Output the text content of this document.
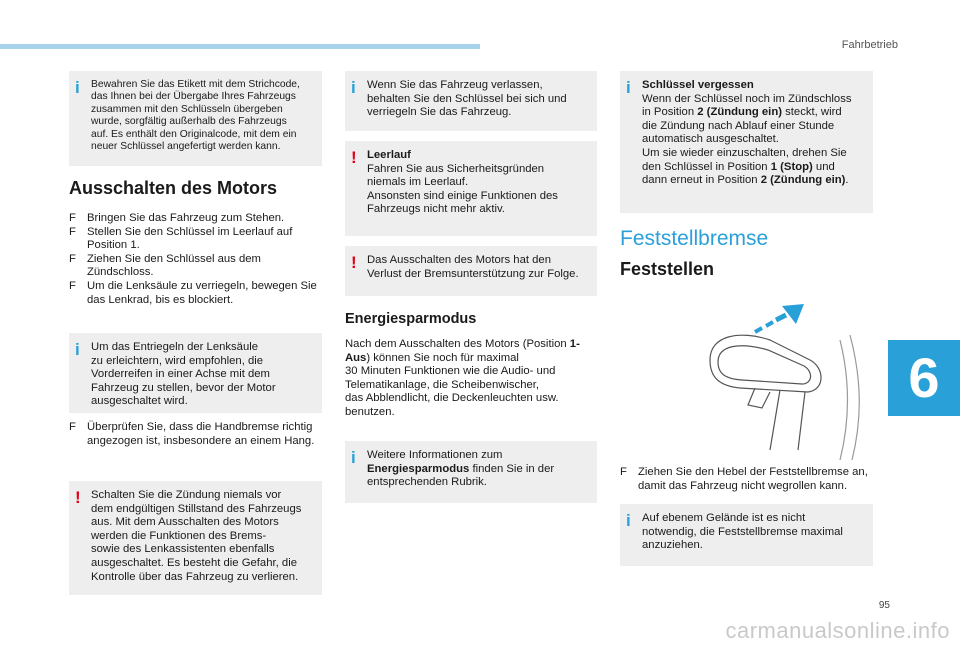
Fahrbetrieb
6
95
carmanualsonline.info
i	Bewahren Sie das Etikett mit dem Strichcode,
das Ihnen bei der Übergabe Ihres Fahrzeugs
zusammen mit den Schlüsseln übergeben
wurde, sorgfältig außerhalb des Fahrzeugs
auf. Es enthält den Originalcode, mit dem ein
neuer Schlüssel angefertigt werden kann.
Ausschalten des Motors
F Bringen Sie das Fahrzeug zum Stehen.
F Stellen Sie den Schlüssel im Leerlauf auf Position 1.
F Ziehen Sie den Schlüssel aus dem Zündschloss.
F Um die Lenksäule zu verriegeln, bewegen Sie das Lenkrad, bis es blockiert.
i Um das Entriegeln der Lenksäule
zu erleichtern, wird empfohlen, die
Vorderreifen in einer Achse mit dem
Fahrzeug zu stellen, bevor der Motor
ausgeschaltet wird.
F Überprüfen Sie, dass die Handbremse richtig angezogen ist, insbesondere an einem Hang.
! Schalten Sie die Zündung niemals vor
dem endgültigen Stillstand des Fahrzeugs
aus. Mit dem Ausschalten des Motors
werden die Funktionen des Brems-
sowie des Lenkassistenten ebenfalls
ausgeschaltet. Es besteht die Gefahr, die
Kontrolle über das Fahrzeug zu verlieren.
i Wenn Sie das Fahrzeug verlassen,
behalten Sie den Schlüssel bei sich und
verriegeln Sie das Fahrzeug.
! Leerlauf
Fahren Sie aus Sicherheitsgründen
niemals im Leerlauf.
Ansonsten sind einige Funktionen des
Fahrzeugs nicht mehr aktiv.
! Das Ausschalten des Motors hat den
Verlust der Bremsunterstützung zur Folge.
Energiesparmodus
Nach dem Ausschalten des Motors (Position 1-Aus) können Sie noch für maximal
30 Minuten Funktionen wie die Audio- und
Telematikanlage, die Scheibenwischer,
das Abblendlicht, die Deckenleuchten usw.
benutzen.
i Weitere Informationen zum
Energiesparmodus finden Sie in der
entsprechenden Rubrik.
i Schlüssel vergessen
Wenn der Schlüssel noch im Zündschloss
in Position 2 (Zündung ein) steckt, wird
die Zündung nach Ablauf einer Stunde
automatisch ausgeschaltet.
Um sie wieder einzuschalten, drehen Sie
den Schlüssel in Position 1 (Stop) und
dann erneut in Position 2 (Zündung ein).
Feststellbremse
Feststellen
F Ziehen Sie den Hebel der Feststellbremse an, damit das Fahrzeug nicht wegrollen kann.
i Auf ebenem Gelände ist es nicht
notwendig, die Feststellbremse maximal
anzuziehen.
